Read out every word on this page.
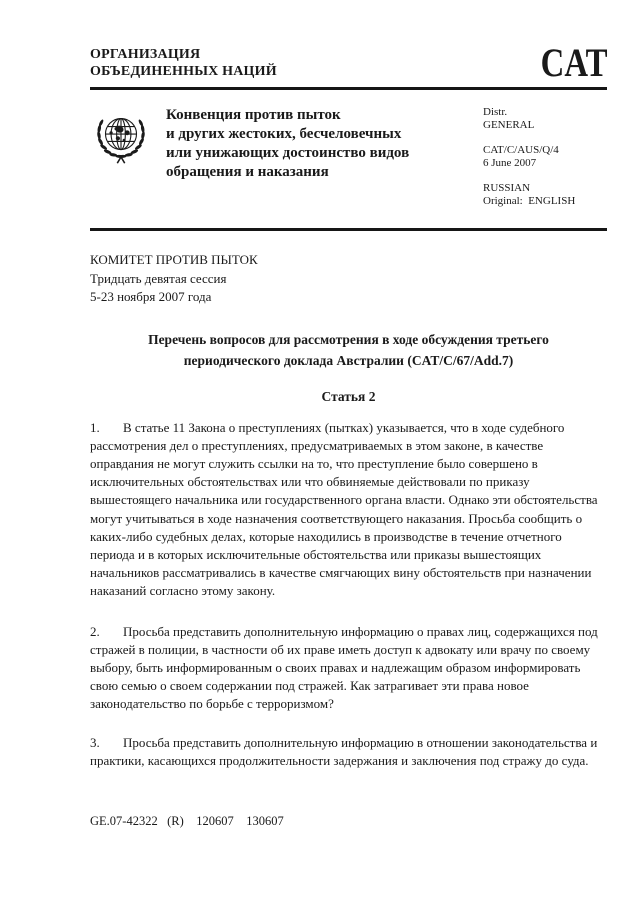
ОРГАНИЗАЦИЯ
ОБЪЕДИНЕННЫХ НАЦИЙ	CAT
Конвенция против пыток
и других жестоких, бесчеловечных
или унижающих достоинство видов
обращения и наказания
Distr.
GENERAL
CAT/C/AUS/Q/4
6 June 2007
RUSSIAN
Original:  ENGLISH
КОМИТЕТ ПРОТИВ ПЫТОК
Тридцать девятая сессия
5-23 ноября 2007 года
Перечень вопросов для рассмотрения в ходе обсуждения третьего периодического доклада Австралии (CAT/C/67/Add.7)
Статья 2

1. В статье 11 Закона о преступлениях (пытках) указывается, что в ходе судебного рассмотрения дел о преступлениях, предусматриваемых в этом законе, в качестве оправдания не могут служить ссылки на то, что преступление было совершено в исключительных обстоятельствах или что обвиняемые действовали по приказу вышестоящего начальника или государственного органа власти. Однако эти обстоятельства могут учитываться в ходе назначения соответствующего наказания. Просьба сообщить о каких-либо судебных делах, которые находились в производстве в течение отчетного периода и в которых исключительные обстоятельства или приказы вышестоящих начальников рассматривались в качестве смягчающих вину обстоятельств при назначении наказаний согласно этому закону.

2. Просьба представить дополнительную информацию о правах лиц, содержащихся под стражей в полиции, в частности об их праве иметь доступ к адвокату или врачу по своему выбору, быть информированным о своих правах и надлежащим образом информировать свою семью о своем содержании под стражей. Как затрагивает эти права новое законодательство по борьбе с терроризмом?

3. Просьба представить дополнительную информацию в отношении законодательства и практики, касающихся продолжительности задержания и заключения под стражу до суда.

GE.07-42322   (R)    120607    130607
